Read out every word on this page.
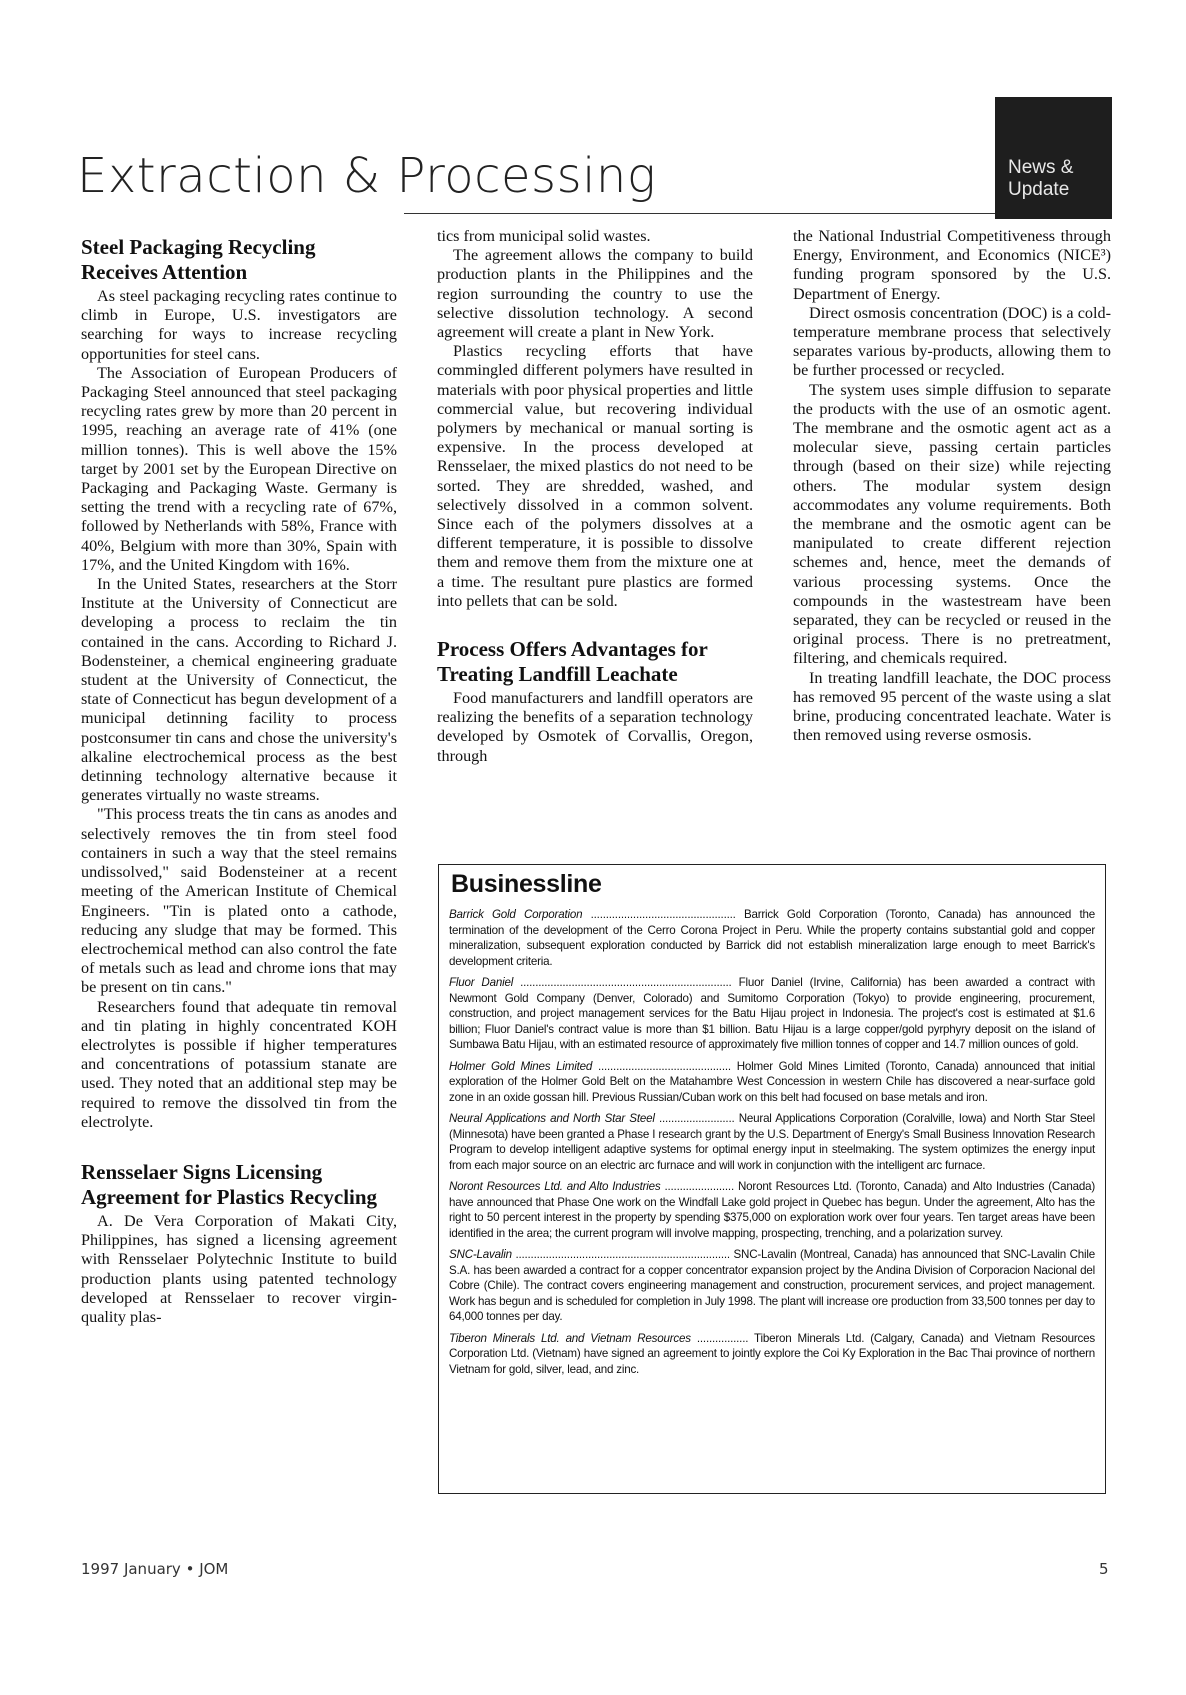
Extraction & Processing	News & Update
Steel Packaging Recycling Receives Attention

As steel packaging recycling rates continue to climb in Europe, U.S. investigators are searching for ways to increase recycling opportunities for steel cans.

The Association of European Producers of Packaging Steel announced that steel packaging recycling rates grew by more than 20 percent in 1995, reaching an average rate of 41% (one million tonnes). This is well above the 15% target by 2001 set by the European Directive on Packaging and Packaging Waste. Germany is setting the trend with a recycling rate of 67%, followed by Netherlands with 58%, France with 40%, Belgium with more than 30%, Spain with 17%, and the United Kingdom with 16%.

In the United States, researchers at the Storr Institute at the University of Connecticut are developing a process to reclaim the tin contained in the cans. According to Richard J. Bodensteiner, a chemical engineering graduate student at the University of Connecticut, the state of Connecticut has begun development of a municipal detinning facility to process postconsumer tin cans and chose the university's alkaline electrochemical process as the best detinning technology alternative because it generates virtually no waste streams.

"This process treats the tin cans as anodes and selectively removes the tin from steel food containers in such a way that the steel remains undissolved," said Bodensteiner at a recent meeting of the American Institute of Chemical Engineers. "Tin is plated onto a cathode, reducing any sludge that may be formed. This electrochemical method can also control the fate of metals such as lead and chrome ions that may be present on tin cans."

Researchers found that adequate tin removal and tin plating in highly concentrated KOH electrolytes is possible if higher temperatures and concentrations of potassium stanate are used. They noted that an additional step may be required to remove the dissolved tin from the electrolyte.

Rensselaer Signs Licensing Agreement for Plastics Recycling

A. De Vera Corporation of Makati City, Philippines, has signed a licensing agreement with Rensselaer Polytechnic Institute to build production plants using patented technology developed at Rensselaer to recover virgin-quality plas-

tics from municipal solid wastes.

The agreement allows the company to build production plants in the Philippines and the region surrounding the country to use the selective dissolution technology. A second agreement will create a plant in New York.

Plastics recycling efforts that have commingled different polymers have resulted in materials with poor physical properties and little commercial value, but recovering individual polymers by mechanical or manual sorting is expensive. In the process developed at Rensselaer, the mixed plastics do not need to be sorted. They are shredded, washed, and selectively dissolved in a common solvent. Since each of the polymers dissolves at a different temperature, it is possible to dissolve them and remove them from the mixture one at a time. The resultant pure plastics are formed into pellets that can be sold.

Process Offers Advantages for Treating Landfill Leachate

Food manufacturers and landfill operators are realizing the benefits of a separation technology developed by Osmotek of Corvallis, Oregon, through

the National Industrial Competitiveness through Energy, Environment, and Economics (NICE³) funding program sponsored by the U.S. Department of Energy.

Direct osmosis concentration (DOC) is a cold-temperature membrane process that selectively separates various by-products, allowing them to be further processed or recycled.

The system uses simple diffusion to separate the products with the use of an osmotic agent. The membrane and the osmotic agent act as a molecular sieve, passing certain particles through (based on their size) while rejecting others. The modular system design accommodates any volume requirements. Both the membrane and the osmotic agent can be manipulated to create different rejection schemes and, hence, meet the demands of various processing systems. Once the compounds in the wastestream have been separated, they can be recycled or reused in the original process. There is no pretreatment, filtering, and chemicals required.

In treating landfill leachate, the DOC process has removed 95 percent of the waste using a slat brine, producing concentrated leachate. Water is then removed using reverse osmosis.

Businessline
Barrick Gold Corporation ................................................ Barrick Gold Corporation (Toronto, Canada) has announced the termination of the development of the Cerro Corona Project in Peru. While the property contains substantial gold and copper mineralization, subsequent exploration conducted by Barrick did not establish mineralization large enough to meet Barrick's development criteria.
Fluor Daniel ...................................................................... Fluor Daniel (Irvine, California) has been awarded a contract with Newmont Gold Company (Denver, Colorado) and Sumitomo Corporation (Tokyo) to provide engineering, procurement, construction, and project management services for the Batu Hijau project in Indonesia. The project's cost is estimated at $1.6 billion; Fluor Daniel's contract value is more than $1 billion. Batu Hijau is a large copper/gold pyrphyry deposit on the island of Sumbawa Batu Hijau, with an estimated resource of approximately five million tonnes of copper and 14.7 million ounces of gold.
Holmer Gold Mines Limited ............................................ Holmer Gold Mines Limited (Toronto, Canada) announced that initial exploration of the Holmer Gold Belt on the Matahambre West Concession in western Chile has discovered a near-surface gold zone in an oxide gossan hill. Previous Russian/Cuban work on this belt had focused on base metals and iron.
Neural Applications and North Star Steel ......................... Neural Applications Corporation (Coralville, Iowa) and North Star Steel (Minnesota) have been granted a Phase I research grant by the U.S. Department of Energy's Small Business Innovation Research Program to develop intelligent adaptive systems for optimal energy input in steelmaking. The system optimizes the energy input from each major source on an electric arc furnace and will work in conjunction with the intelligent arc furnace.
Noront Resources Ltd. and Alto Industries ....................... Noront Resources Ltd. (Toronto, Canada) and Alto Industries (Canada) have announced that Phase One work on the Windfall Lake gold project in Quebec has begun. Under the agreement, Alto has the right to 50 percent interest in the property by spending $375,000 on exploration work over four years. Ten target areas have been identified in the area; the current program will involve mapping, prospecting, trenching, and a polarization survey.
SNC-Lavalin ....................................................................... SNC-Lavalin (Montreal, Canada) has announced that SNC-Lavalin Chile S.A. has been awarded a contract for a copper concentrator expansion project by the Andina Division of Corporacion Nacional del Cobre (Chile). The contract covers engineering management and construction, procurement services, and project management. Work has begun and is scheduled for completion in July 1998. The plant will increase ore production from 33,500 tonnes per day to 64,000 tonnes per day.
Tiberon Minerals Ltd. and Vietnam Resources ................. Tiberon Minerals Ltd. (Calgary, Canada) and Vietnam Resources Corporation Ltd. (Vietnam) have signed an agreement to jointly explore the Coi Ky Exploration in the Bac Thai province of northern Vietnam for gold, silver, lead, and zinc.
1997 January • JOM	5
